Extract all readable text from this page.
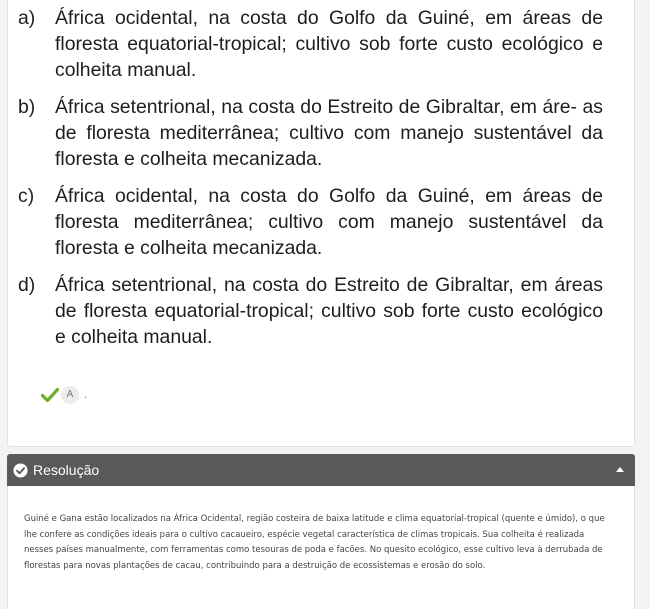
a)	África ocidental, na costa do Golfo da Guiné, em áreas de floresta equatorial-tropical; cultivo sob forte custo ecológico e colheita manual.
b)	África setentrional, na costa do Estreito de Gibraltar, em áre- as de floresta mediterrânea; cultivo com manejo sustentável da floresta e colheita mecanizada.
c)	África ocidental, na costa do Golfo da Guiné, em áreas de floresta mediterrânea; cultivo com manejo sustentável da floresta e colheita mecanizada.
d)	África setentrional, na costa do Estreito de Gibraltar, em áreas de floresta equatorial-tropical; cultivo sob forte custo ecológico e colheita manual.
A .
Resolução

Guiné e Gana estão localizados na África Ocidental, região costeira de baixa latitude e clima equatorial-tropical (quente e úmido), o que lhe confere as condições ideais para o cultivo cacaueiro, espécie vegetal característica de climas tropicais. Sua colheita é realizada nesses países manualmente, com ferramentas como tesouras de poda e facões. No quesito ecológico, esse cultivo leva à derrubada de florestas para novas plantações de cacau, contribuindo para a destruição de ecossistemas e erosão do solo.
